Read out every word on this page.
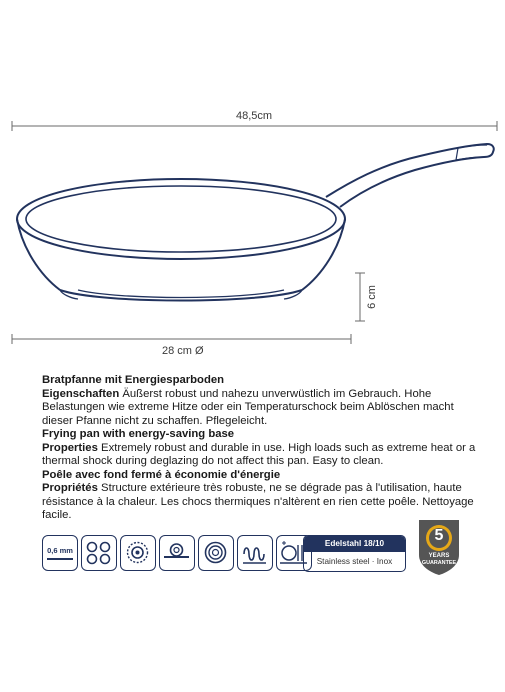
48,5cm
6 cm
28 cm Ø

Bratpfanne mit Energiesparboden

Eigenschaften Äußerst robust und nahezu unverwüstlich im Gebrauch. Hohe Belastungen wie extreme Hitze oder ein Temperaturschock beim Ablöschen macht dieser Pfanne nicht zu schaffen. Pflegeleicht.

Frying pan with energy-saving base

Properties Extremely robust and durable in use. High loads such as extreme heat or a thermal shock during deglazing do not affect this pan. Easy to clean.

Poêle avec fond fermé à économie d'énergie

Propriétés Structure extérieure très robuste, ne se dégrade pas à l'utilisation, haute résistance à la chaleur. Les chocs thermiques n'altèrent en rien cette poêle. Nettoyage facile.

0,6 mm
Edelstahl 18/10
Stainless steel · Inox
5
YEARS
GUARANTEE
